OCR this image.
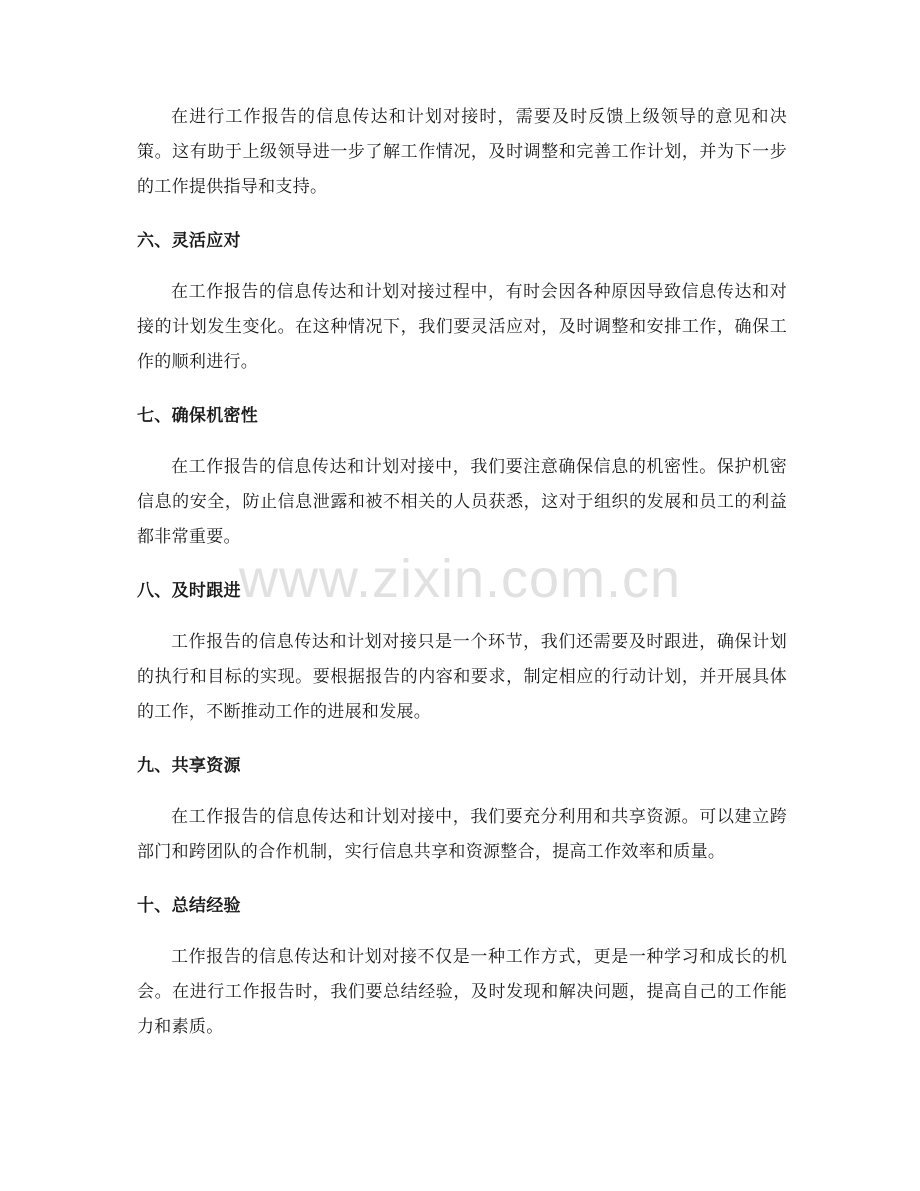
在进行工作报告的信息传达和计划对接时，需要及时反馈上级领导的意见和决策。这有助于上级领导进一步了解工作情况，及时调整和完善工作计划，并为下一步的工作提供指导和支持。

六、灵活应对

在工作报告的信息传达和计划对接过程中，有时会因各种原因导致信息传达和对接的计划发生变化。在这种情况下，我们要灵活应对，及时调整和安排工作，确保工作的顺利进行。

七、确保机密性

在工作报告的信息传达和计划对接中，我们要注意确保信息的机密性。保护机密信息的安全，防止信息泄露和被不相关的人员获悉，这对于组织的发展和员工的利益都非常重要。

八、及时跟进

工作报告的信息传达和计划对接只是一个环节，我们还需要及时跟进，确保计划的执行和目标的实现。要根据报告的内容和要求，制定相应的行动计划，并开展具体的工作，不断推动工作的进展和发展。

九、共享资源

在工作报告的信息传达和计划对接中，我们要充分利用和共享资源。可以建立跨部门和跨团队的合作机制，实行信息共享和资源整合，提高工作效率和质量。

十、总结经验

工作报告的信息传达和计划对接不仅是一种工作方式，更是一种学习和成长的机会。在进行工作报告时，我们要总结经验，及时发现和解决问题，提高自己的工作能力和素质。

www.zixin.com.cn
